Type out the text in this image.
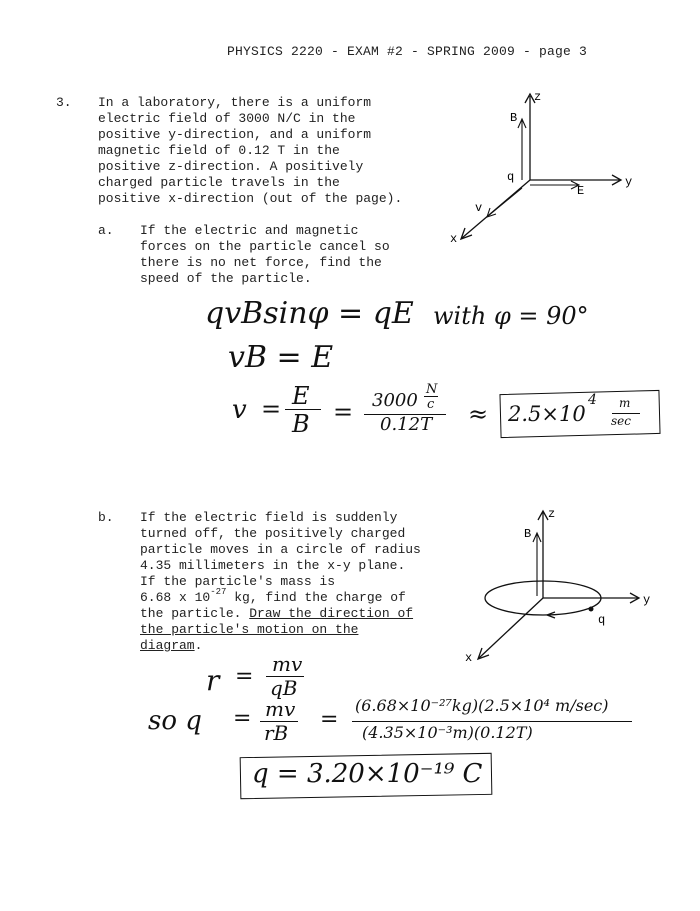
PHYSICS 2220 - EXAM #2 - SPRING 2009 - page 3
3. In a laboratory, there is a uniform
electric field of 3000 N/C in the
positive y-direction, and a uniform
magnetic field of 0.12 T in the
positive z-direction. A positively
charged particle travels in the
positive x-direction (out of the page).
z
y
x
B
E
q
v
a. If the electric and magnetic
forces on the particle cancel so
there is no net force, find the
speed of the particle.
qvBsinφ = qE with φ = 90°
vB = E
v = E
B = 3000
N
c
0.12T ≈ 2.5×10
4 m
sec
b. If the electric field is suddenly
turned off, the positively charged
particle moves in a circle of radius
4.35 millimeters in the x-y plane.
If the particle's mass is
6.68 x $10^{-27}$ kg, find the charge of
the particle. Draw the direction of
the particle's motion on the
diagram.
z
y
x
B
q
r = mv
qB
so q = mv
rB
=
(6.68×10⁻²⁷kg)(2.5×10⁴ m/sec)
(4.35×10⁻³m)(0.12T)
q = 3.20×10⁻¹⁹ C
